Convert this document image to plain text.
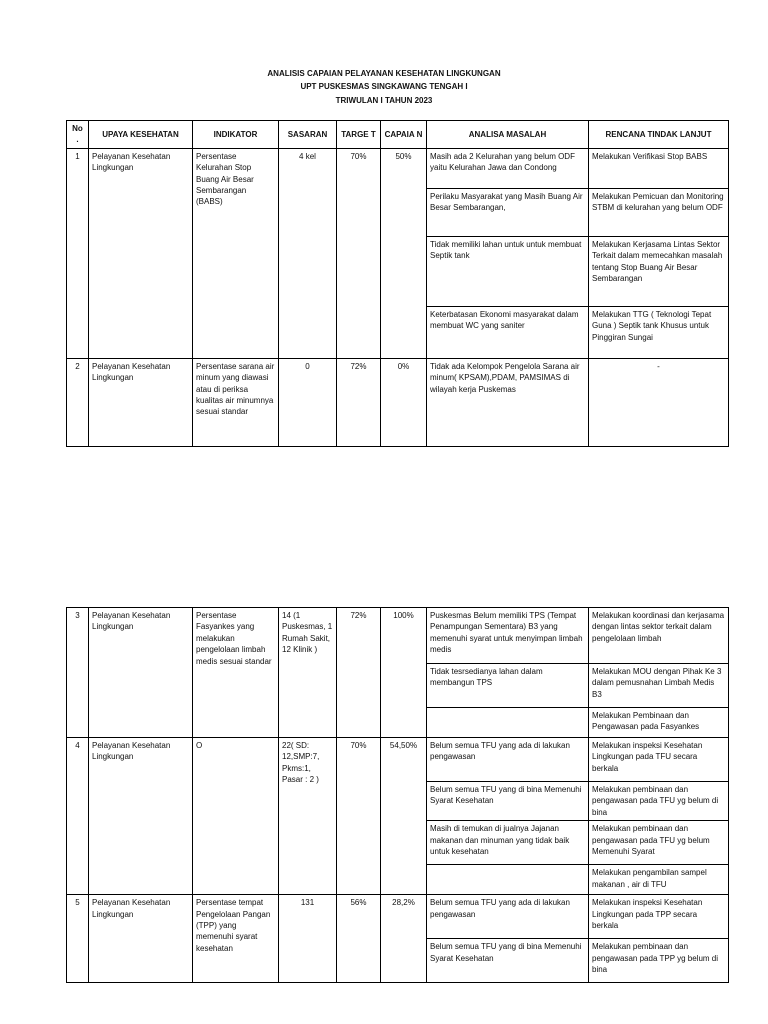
ANALISIS CAPAIAN PELAYANAN KESEHATAN LINGKUNGAN
UPT PUSKESMAS SINGKAWANG TENGAH I
TRIWULAN I TAHUN 2023
No .	UPAYA KESEHATAN	INDIKATOR	SASARAN	TARGE T	CAPAIA N	ANALISA MASALAH	RENCANA TINDAK LANJUT
1	Pelayanan Kesehatan Lingkungan	Persentase Kelurahan Stop Buang Air Besar Sembarangan (BABS)	4 kel	70%	50%	Masih ada 2 Kelurahan yang belum ODF yaitu Kelurahan Jawa dan Condong	Melakukan Verifikasi Stop BABS
						Perilaku Masyarakat yang Masih Buang Air Besar Sembarangan,	Melakukan Pemicuan dan Monitoring STBM di kelurahan yang belum ODF
						Tidak memiliki lahan untuk untuk membuat Septik tank	Melakukan Kerjasama Lintas Sektor Terkait dalam memecahkan masalah tentang Stop Buang Air Besar Sembarangan
						Keterbatasan Ekonomi masyarakat dalam membuat WC yang saniter	Melakukan TTG ( Teknologi Tepat Guna ) Septik tank Khusus untuk Pinggiran Sungai
2	Pelayanan Kesehatan Lingkungan	Persentase sarana air minum yang diawasi atau di periksa kualitas air minumnya sesuai standar	0	72%	0%	Tidak ada Kelompok Pengelola Sarana air minum( KPSAM),PDAM, PAMSIMAS di wilayah kerja Puskemas	-
3	Pelayanan Kesehatan Lingkungan	Persentase Fasyankes yang melakukan pengelolaan limbah medis sesuai standar	14 (1 Puskesmas, 1 Rumah Sakit, 12 Klinik )	72%	100%	Puskesmas Belum memiliki TPS (Tempat Penampungan Sementara) B3 yang memenuhi syarat untuk menyimpan limbah medis	Melakukan koordinasi dan kerjasama dengan lintas sektor terkait dalam pengelolaan limbah
						Tidak tesrsedianya lahan dalam membangun TPS	Melakukan MOU dengan Pihak Ke 3 dalam pemusnahan Limbah Medis B3
							Melakukan Pembinaan dan Pengawasan pada Fasyankes
4	Pelayanan Kesehatan Lingkungan	O	22( SD: 12,SMP:7, Pkms:1, Pasar : 2 )	70%	54,50%	Belum semua TFU yang ada di lakukan pengawasan	Melakukan inspeksi Kesehatan Lingkungan pada TFU secara berkala
						Belum semua TFU yang di bina Memenuhi Syarat Kesehatan	Melakukan pembinaan dan pengawasan pada TFU yg belum di bina
						Masih di temukan di jualnya Jajanan makanan dan minuman yang tidak baik untuk kesehatan	Melakukan pembinaan dan pengawasan pada TFU yg belum Memenuhi Syarat
							Melakukan pengambilan sampel makanan , air di TFU
5	Pelayanan Kesehatan Lingkungan	Persentase tempat Pengelolaan Pangan (TPP) yang memenuhi syarat kesehatan	131	56%	28,2%	Belum semua TFU yang ada di lakukan pengawasan	Melakukan inspeksi Kesehatan Lingkungan pada TPP secara berkala
						Belum semua TFU yang di bina Memenuhi Syarat Kesehatan	Melakukan pembinaan dan pengawasan pada TPP yg belum di bina
